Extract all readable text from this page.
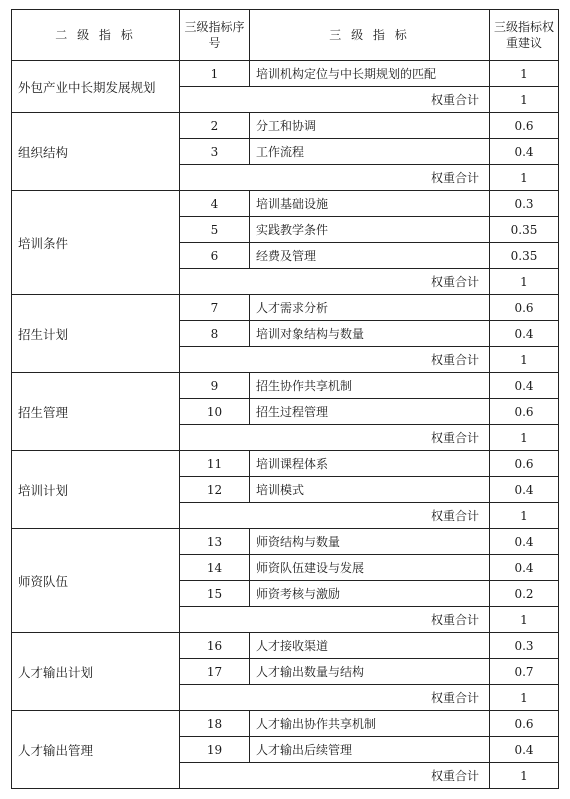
二 级 指 标	三级指标序号	三 级 指 标	三级指标权重建议
外包产业中长期发展规划	1	培训机构定位与中长期规划的匹配	1
	权重合计		1
组织结构	2	分工和协调	0.6
	3	工作流程	0.4
	权重合计		1
培训条件	4	培训基础设施	0.3
	5	实践教学条件	0.35
	6	经费及管理	0.35
	权重合计		1
招生计划	7	人才需求分析	0.6
	8	培训对象结构与数量	0.4
	权重合计		1
招生管理	9	招生协作共享机制	0.4
	10	招生过程管理	0.6
	权重合计		1
培训计划	11	培训课程体系	0.6
	12	培训模式	0.4
	权重合计		1
师资队伍	13	师资结构与数量	0.4
	14	师资队伍建设与发展	0.4
	15	师资考核与激励	0.2
	权重合计		1
人才输出计划	16	人才接收渠道	0.3
	17	人才输出数量与结构	0.7
	权重合计		1
人才输出管理	18	人才输出协作共享机制	0.6
	19	人才输出后续管理	0.4
	权重合计		1
